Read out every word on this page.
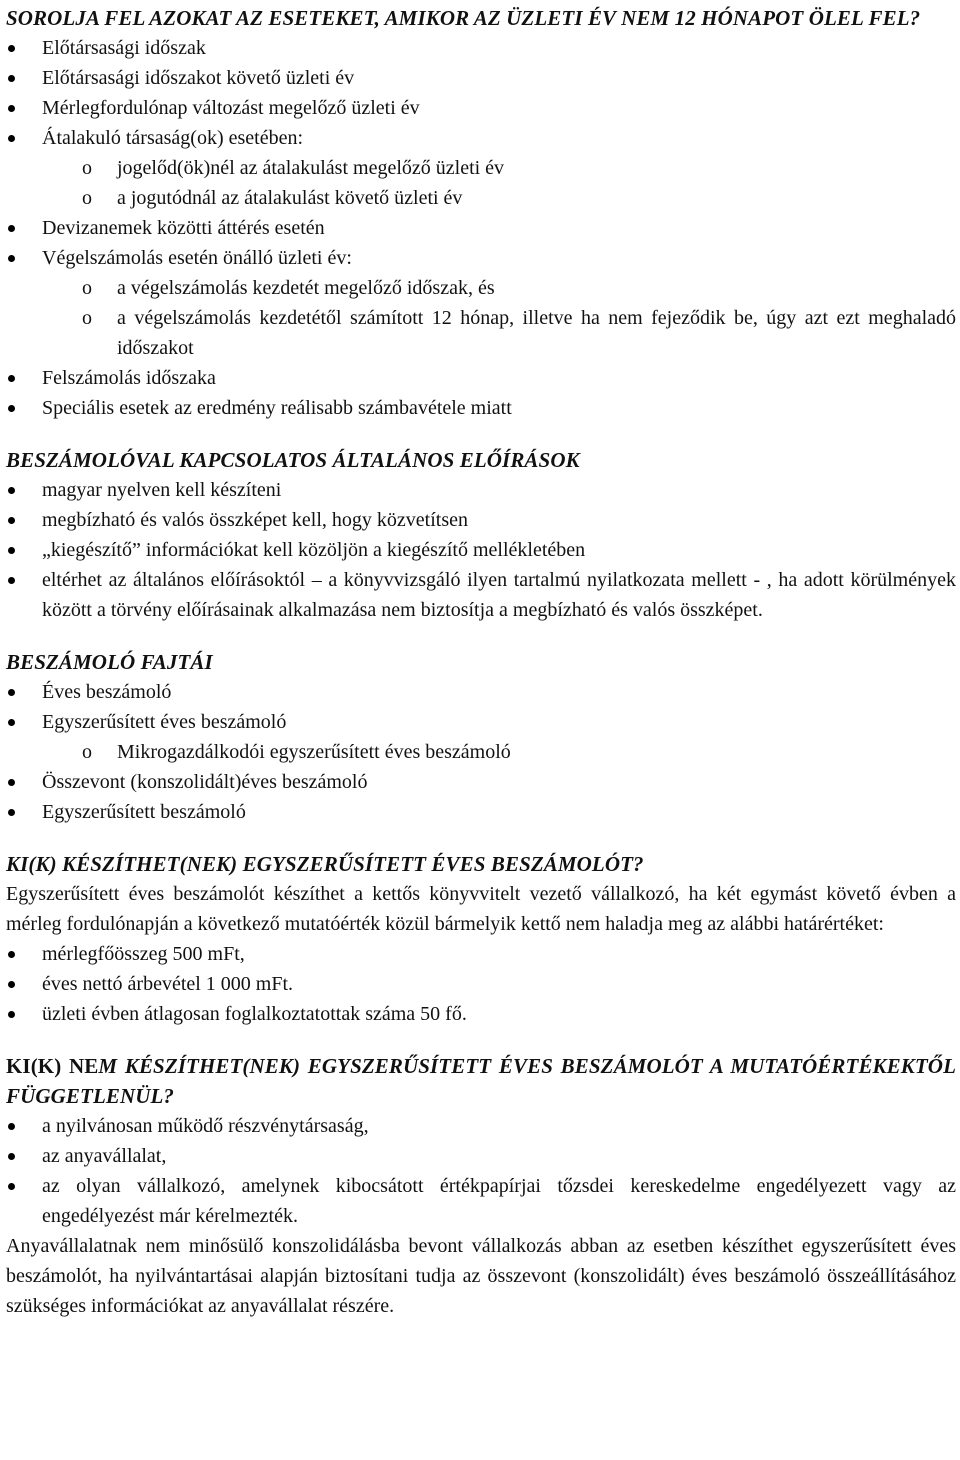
SOROLJA FEL AZOKAT AZ ESETEKET, AMIKOR AZ ÜZLETI ÉV NEM 12 HÓNAPOT ÖLEL FEL?
Előtársasági időszak
Előtársasági időszakot követő üzleti év
Mérlegfordulónap változást megelőző üzleti év
Átalakuló társaság(ok) esetében:
o jogelőd(ök)nél az átalakulást megelőző üzleti év
o a jogutódnál az átalakulást követő üzleti év
Devizanemek közötti áttérés esetén
Végelszámolás esetén önálló üzleti év:
o a végelszámolás kezdetét megelőző időszak, és
o a végelszámolás kezdetétől számított 12 hónap, illetve ha nem fejeződik be, úgy azt ezt meghaladó időszakot
Felszámolás időszaka
Speciális esetek az eredmény reálisabb számbavétele miatt
BESZÁMOLÓVAL KAPCSOLATOS ÁLTALÁNOS ELŐÍRÁSOK
magyar nyelven kell készíteni
megbízható és valós összképet kell, hogy közvetítsen
„kiegészítő” információkat kell közöljön a kiegészítő mellékletében
eltérhet az általános előírásoktól – a könyvvizsgáló ilyen tartalmú nyilatkozata mellett - , ha adott körülmények között a törvény előírásainak alkalmazása nem biztosítja a megbízható és valós összképet.
BESZÁMOLÓ FAJTÁI
Éves beszámoló
Egyszerűsített éves beszámoló
o Mikrogazdálkodói egyszerűsített éves beszámoló
Összevont (konszolidált)éves beszámoló
Egyszerűsített beszámoló
KI(K) KÉSZÍTHET(NEK) EGYSZERŰSÍTETT ÉVES BESZÁMOLÓT?

Egyszerűsített éves beszámolót készíthet a kettős könyvvitelt vezető vállalkozó, ha két egymást követő évben a mérleg fordulónapján a következő mutatóérték közül bármelyik kettő nem haladja meg az alábbi határértéket:

mérlegfőösszeg 500 mFt,
éves nettó árbevétel 1 000 mFt.
üzleti évben átlagosan foglalkoztatottak száma 50 fő.
KI(K) NEM KÉSZÍTHET(NEK) EGYSZERŰSÍTETT ÉVES BESZÁMOLÓT A MUTATÓÉRTÉKEKTŐL FÜGGETLENÜL?
a nyilvánosan működő részvénytársaság,
az anyavállalat,
az olyan vállalkozó, amelynek kibocsátott értékpapírjai tőzsdei kereskedelme engedélyezett vagy az engedélyezést már kérelmezték.

Anyavállalatnak nem minősülő konszolidálásba bevont vállalkozás abban az esetben készíthet egyszerűsített éves beszámolót, ha nyilvántartásai alapján biztosítani tudja az összevont (konszolidált) éves beszámoló összeállításához szükséges információkat az anyavállalat részére.
